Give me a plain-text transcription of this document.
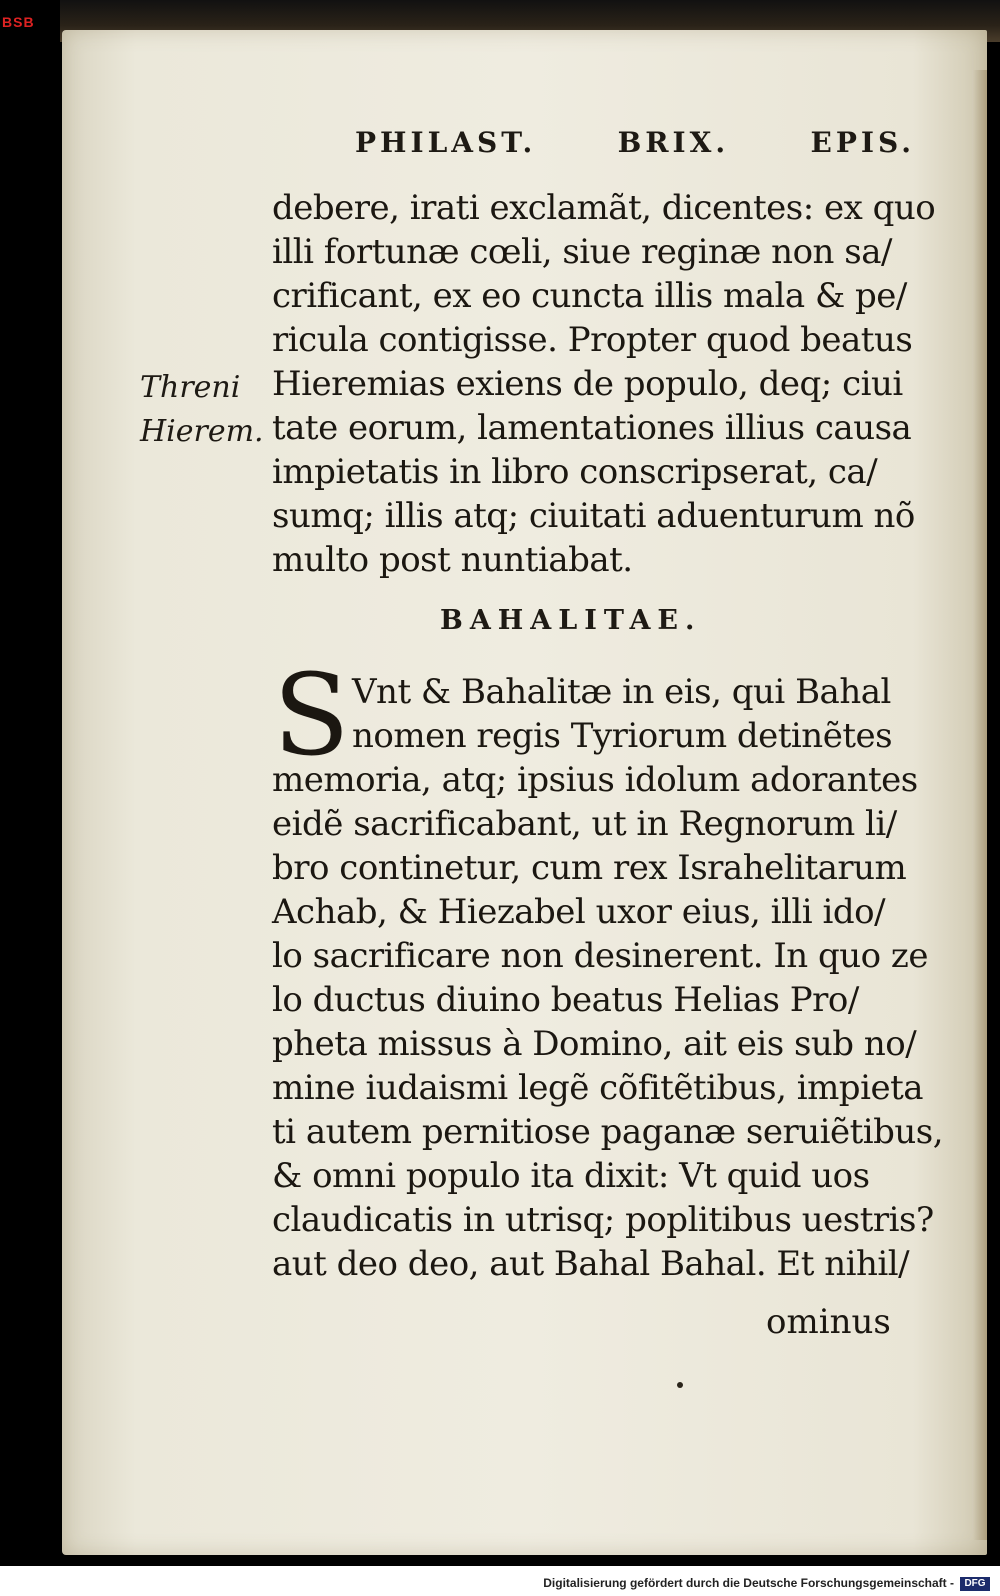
BSB
PHILAST.	BRIX.	EPIS.
Threni
Hierem.
debere, irati exclamãt, dicentes: ex quo
illi fortunæ cœli, siue reginæ non sa/
crificant, ex eo cuncta illis mala & pe/
ricula contigisse. Propter quod beatus
Hieremias exiens de populo, deq; ciui
tate eorum, lamentationes illius causa
impietatis in libro conscripserat, ca/
sumq; illis atq; ciuitati aduenturum nõ
multo post nuntiabat.
BAHALITAE.
S Vnt & Bahalitæ in eis, qui Bahal
nomen regis Tyriorum detinẽtes
memoria, atq; ipsius idolum adorantes
eidẽ sacrificabant, ut in Regnorum li/
bro continetur, cum rex Israhelitarum
Achab, & Hiezabel uxor eius, illi ido/
lo sacrificare non desinerent. In quo ze
lo ductus diuino beatus Helias Pro/
pheta missus à Domino, ait eis sub no/
mine iudaismi legẽ cõfitẽtibus, impieta
ti autem pernitiose paganæ seruiẽtibus,
& omni populo ita dixit: Vt quid uos
claudicatis in utrisq; poplitibus uestris?
aut deo deo, aut Bahal Bahal. Et nihil/
ominus
Digitalisierung gefördert durch die Deutsche Forschungsgemeinschaft -	DFG
